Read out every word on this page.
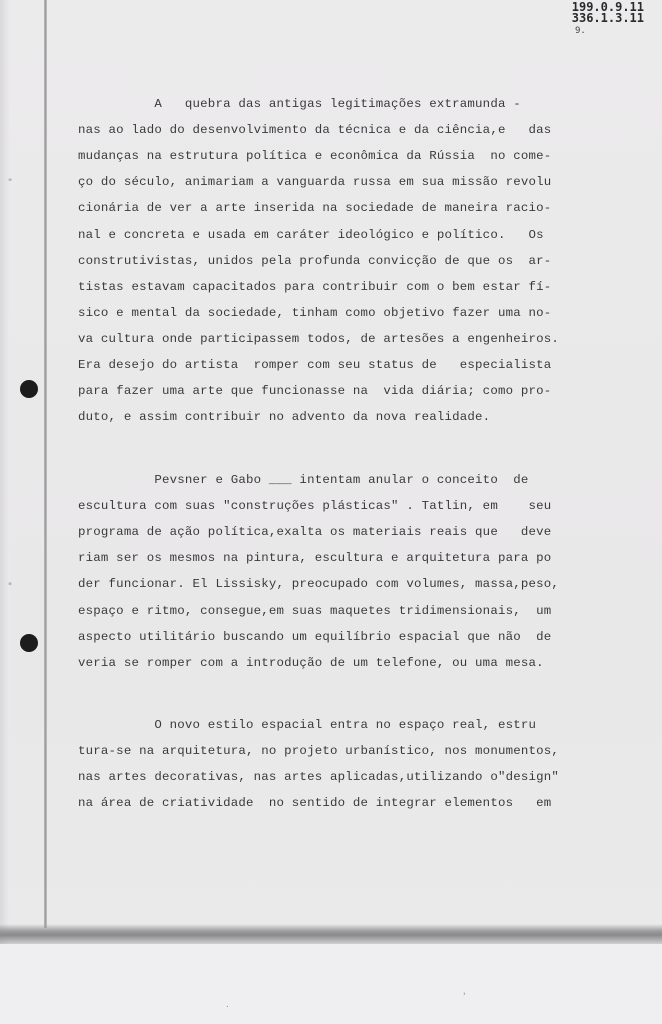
199.0.9.11
336.1.3.11
9.
A   quebra das antigas legitimações extramunda -
nas ao lado do desenvolvimento da técnica e da ciência,e   das
mudanças na estrutura política e econômica da Rússia  no come-
ço do século, animariam a vanguarda russa em sua missão revolu
cionária de ver a arte inserida na sociedade de maneira racio-
nal e concreta e usada em caráter ideológico e político.   Os
construtivistas, unidos pela profunda convicção de que os  ar-
tistas estavam capacitados para contribuir com o bem estar fí-
sico e mental da sociedade, tinham como objetivo fazer uma no-
va cultura onde participassem todos, de artesões a engenheiros.
Era desejo do artista  romper com seu status de   especialista
para fazer uma arte que funcionasse na  vida diária; como pro-
duto, e assim contribuir no advento da nova realidade.
Pevsner e Gabo ___ intentam anular o conceito  de
escultura com suas "construções plásticas" . Tatlin, em    seu
programa de ação política,exalta os materiais reais que   deve
riam ser os mesmos na pintura, escultura e arquitetura para po
der funcionar. El Lissisky, preocupado com volumes, massa,peso,
espaço e ritmo, consegue,em suas maquetes tridimensionais,  um
aspecto utilitário buscando um equilíbrio espacial que não  de
veria se romper com a introdução de um telefone, ou uma mesa.
O novo estilo espacial entra no espaço real, estru
tura-se na arquitetura, no projeto urbanístico, nos monumentos,
nas artes decorativas, nas artes aplicadas,utilizando o"design"
na área de criatividade  no sentido de integrar elementos   em
"
"
'
.
